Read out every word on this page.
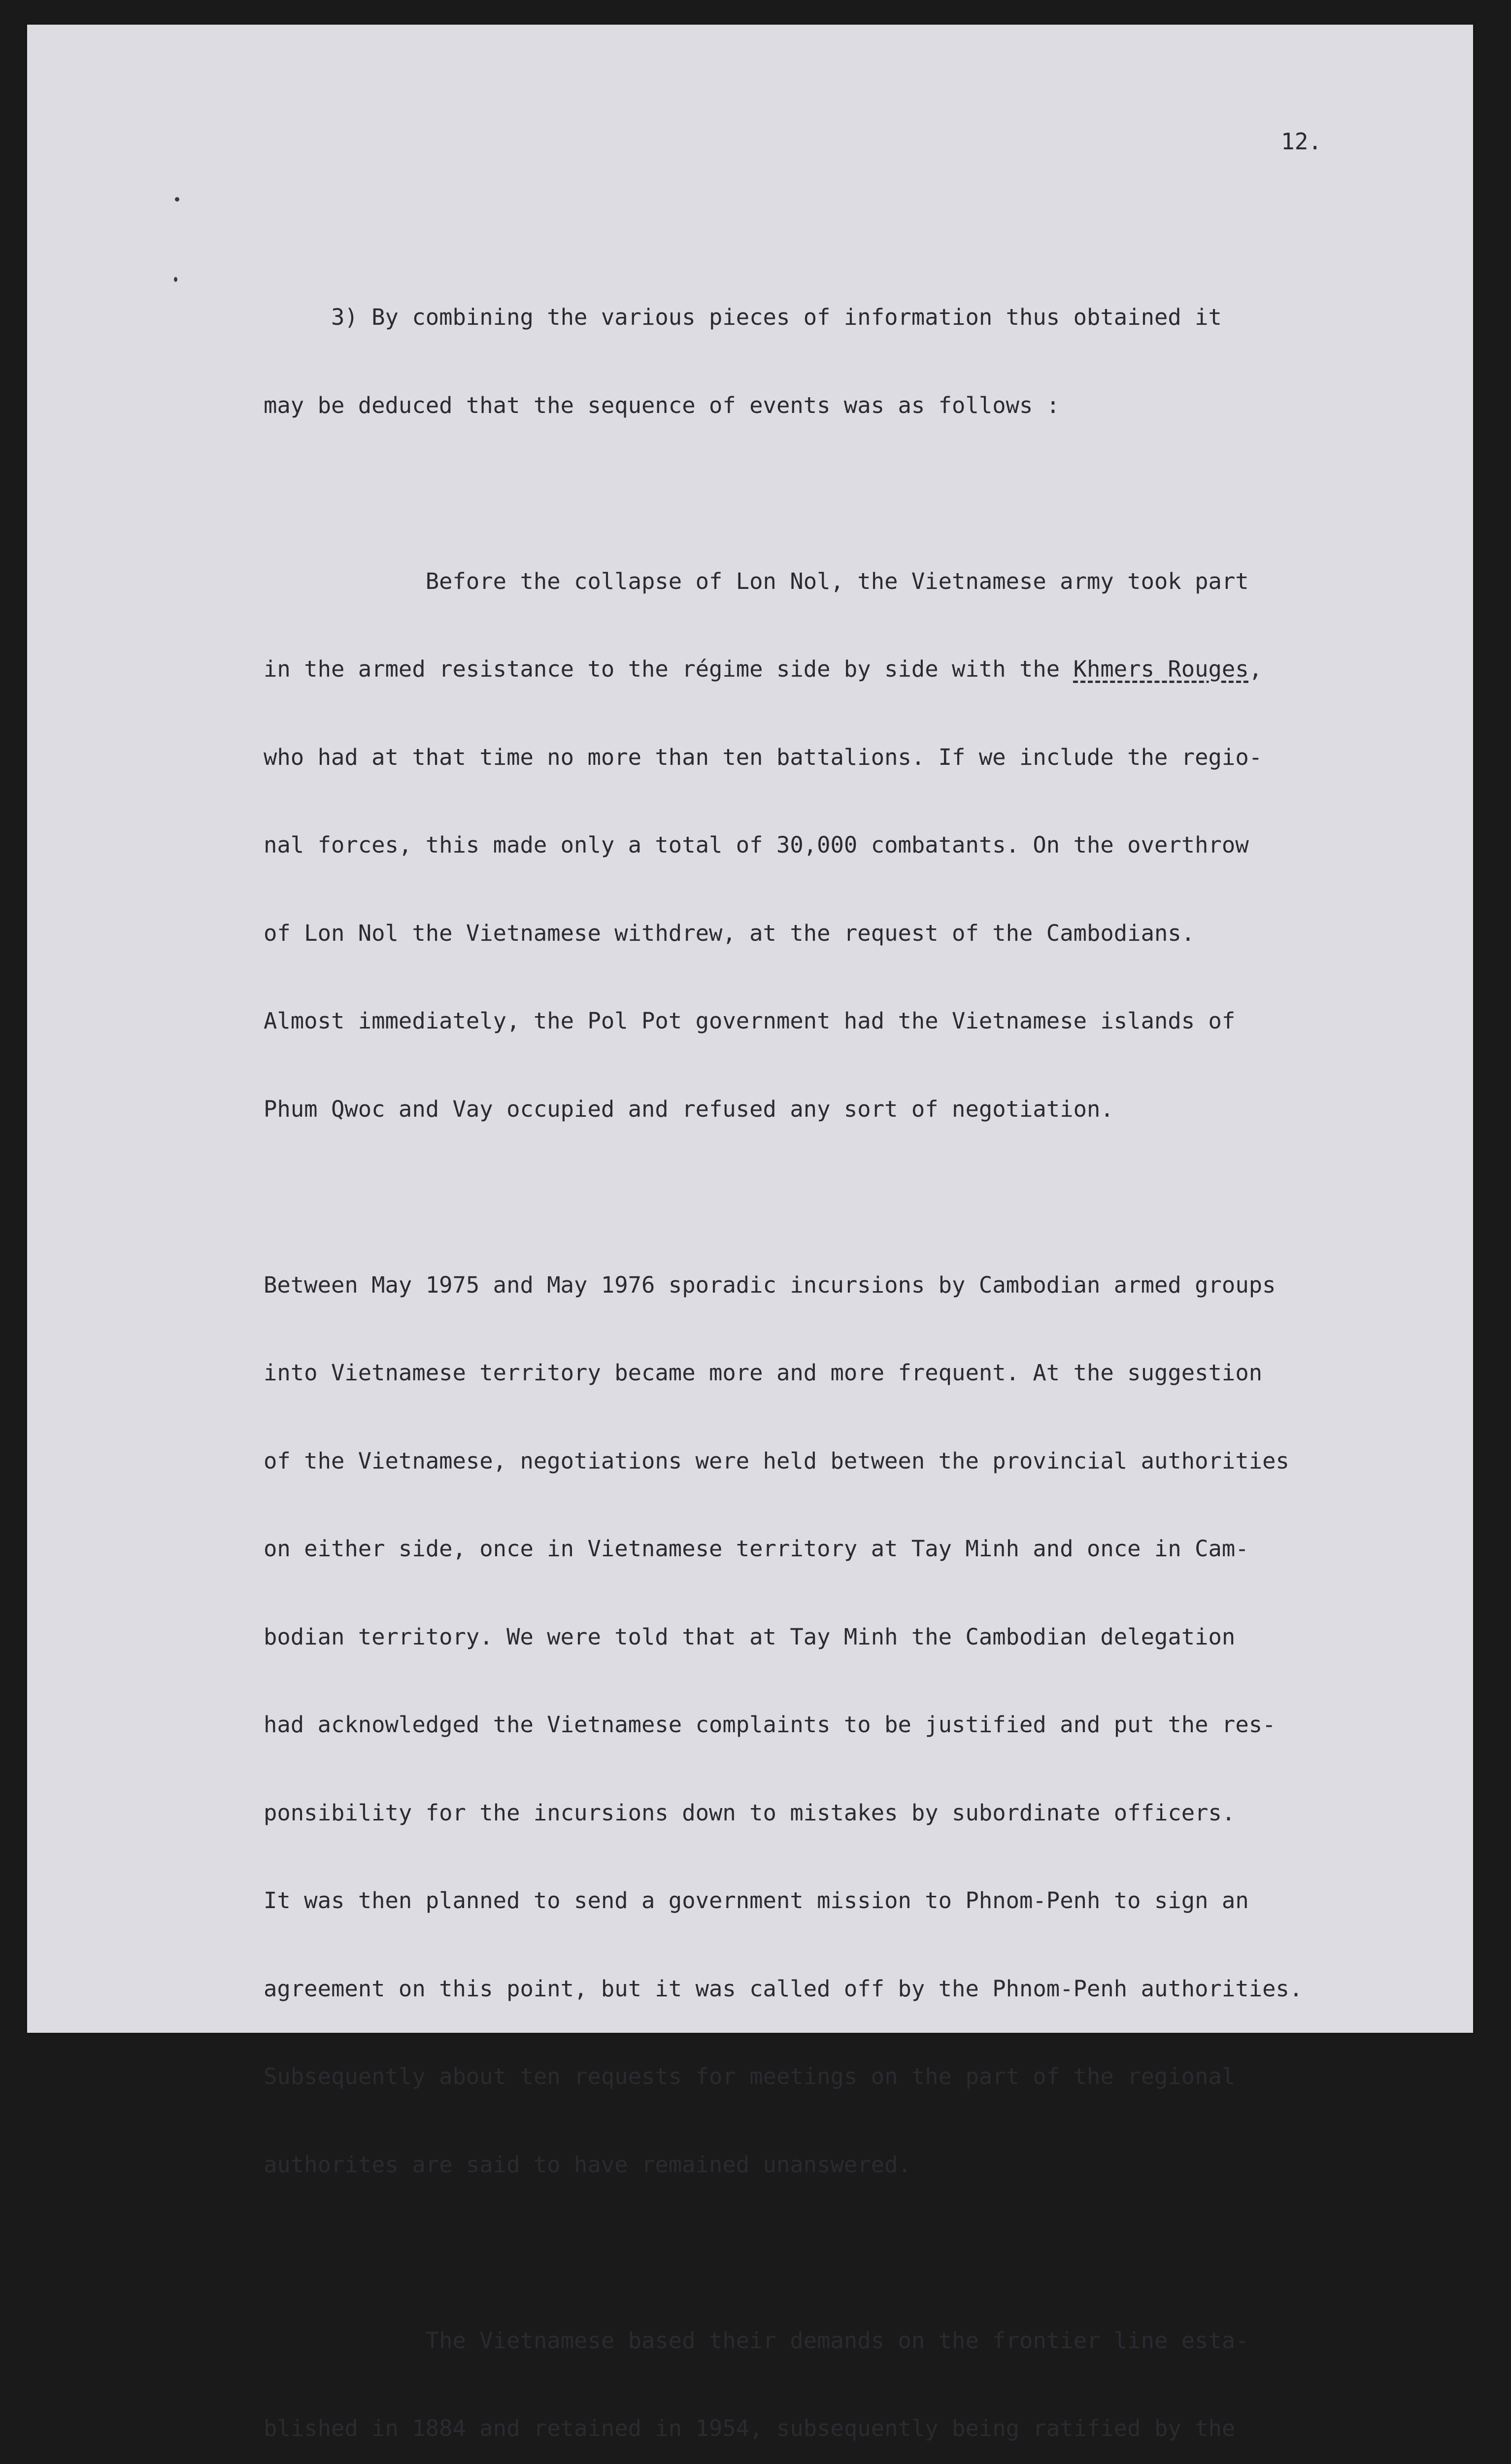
12.

3) By combining the various pieces of information thus obtained it

may be deduced that the sequence of events was as follows :

Before the collapse of Lon Nol, the Vietnamese army took part

in the armed resistance to the régime side by side with the Khmers Rouges,

who had at that time no more than ten battalions. If we include the regio-

nal forces, this made only a total of 30,000 combatants. On the overthrow

of Lon Nol the Vietnamese withdrew, at the request of the Cambodians.

Almost immediately, the Pol Pot government had the Vietnamese islands of

Phum Qwoc and Vay occupied and refused any sort of negotiation.

Between May 1975 and May 1976 sporadic incursions by Cambodian armed groups

into Vietnamese territory became more and more frequent. At the suggestion

of the Vietnamese, negotiations were held between the provincial authorities

on either side, once in Vietnamese territory at Tay Minh and once in Cam-

bodian territory. We were told that at Tay Minh the Cambodian delegation

had acknowledged the Vietnamese complaints to be justified and put the res-

ponsibility for the incursions down to mistakes by subordinate officers.

It was then planned to send a government mission to Phnom-Penh to sign an

agreement on this point, but it was called off by the Phnom-Penh authorities.

Subsequently about ten requests for meetings on the part of the regional

authorites are said to have remained unanswered.

The Vietnamese based their demands on the frontier line esta-

blished in 1884 and retained in 1954, subsequently being ratified by the
